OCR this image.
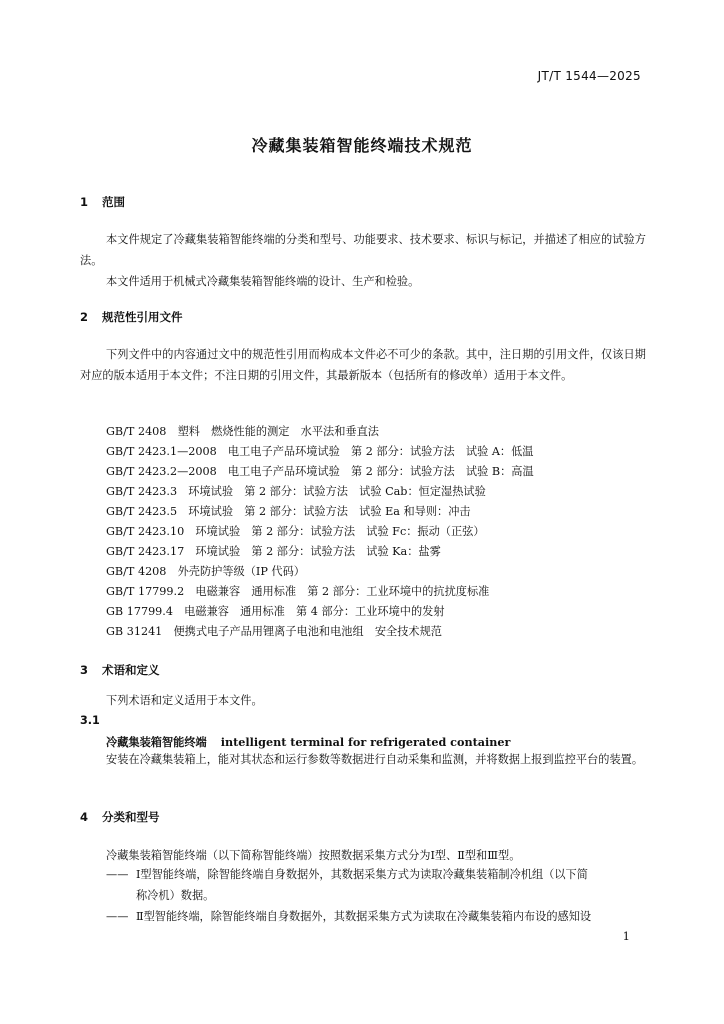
JT/T 1544—2025
冷藏集装箱智能终端技术规范
1 范围
本文件规定了冷藏集装箱智能终端的分类和型号、功能要求、技术要求、标识与标记，并描述了相应的试验方法。
本文件适用于机械式冷藏集装箱智能终端的设计、生产和检验。
2 规范性引用文件
下列文件中的内容通过文中的规范性引用而构成本文件必不可少的条款。其中，注日期的引用文件，仅该日期对应的版本适用于本文件；不注日期的引用文件，其最新版本（包括所有的修改单）适用于本文件。
GB/T 2408　塑料　燃烧性能的测定　水平法和垂直法
GB/T 2423.1—2008　电工电子产品环境试验　第 2 部分：试验方法　试验 A：低温
GB/T 2423.2—2008　电工电子产品环境试验　第 2 部分：试验方法　试验 B：高温
GB/T 2423.3　环境试验　第 2 部分：试验方法　试验 Cab：恒定湿热试验
GB/T 2423.5　环境试验　第 2 部分：试验方法　试验 Ea 和导则：冲击
GB/T 2423.10　环境试验　第 2 部分：试验方法　试验 Fc：振动（正弦）
GB/T 2423.17　环境试验　第 2 部分：试验方法　试验 Ka：盐雾
GB/T 4208　外壳防护等级（IP 代码）
GB/T 17799.2　电磁兼容　通用标准　第 2 部分：工业环境中的抗扰度标准
GB 17799.4　电磁兼容　通用标准　第 4 部分：工业环境中的发射
GB 31241　便携式电子产品用锂离子电池和电池组　安全技术规范
3 术语和定义
下列术语和定义适用于本文件。
3.1
冷藏集装箱智能终端 intelligent terminal for refrigerated container
安装在冷藏集装箱上，能对其状态和运行参数等数据进行自动采集和监测，并将数据上报到监控平台的装置。
4 分类和型号
冷藏集装箱智能终端（以下简称智能终端）按照数据采集方式分为Ⅰ型、Ⅱ型和Ⅲ型。
—— Ⅰ型智能终端，除智能终端自身数据外，其数据采集方式为读取冷藏集装箱制冷机组（以下简
称冷机）数据。
—— Ⅱ型智能终端，除智能终端自身数据外，其数据采集方式为读取在冷藏集装箱内布设的感知设
1
